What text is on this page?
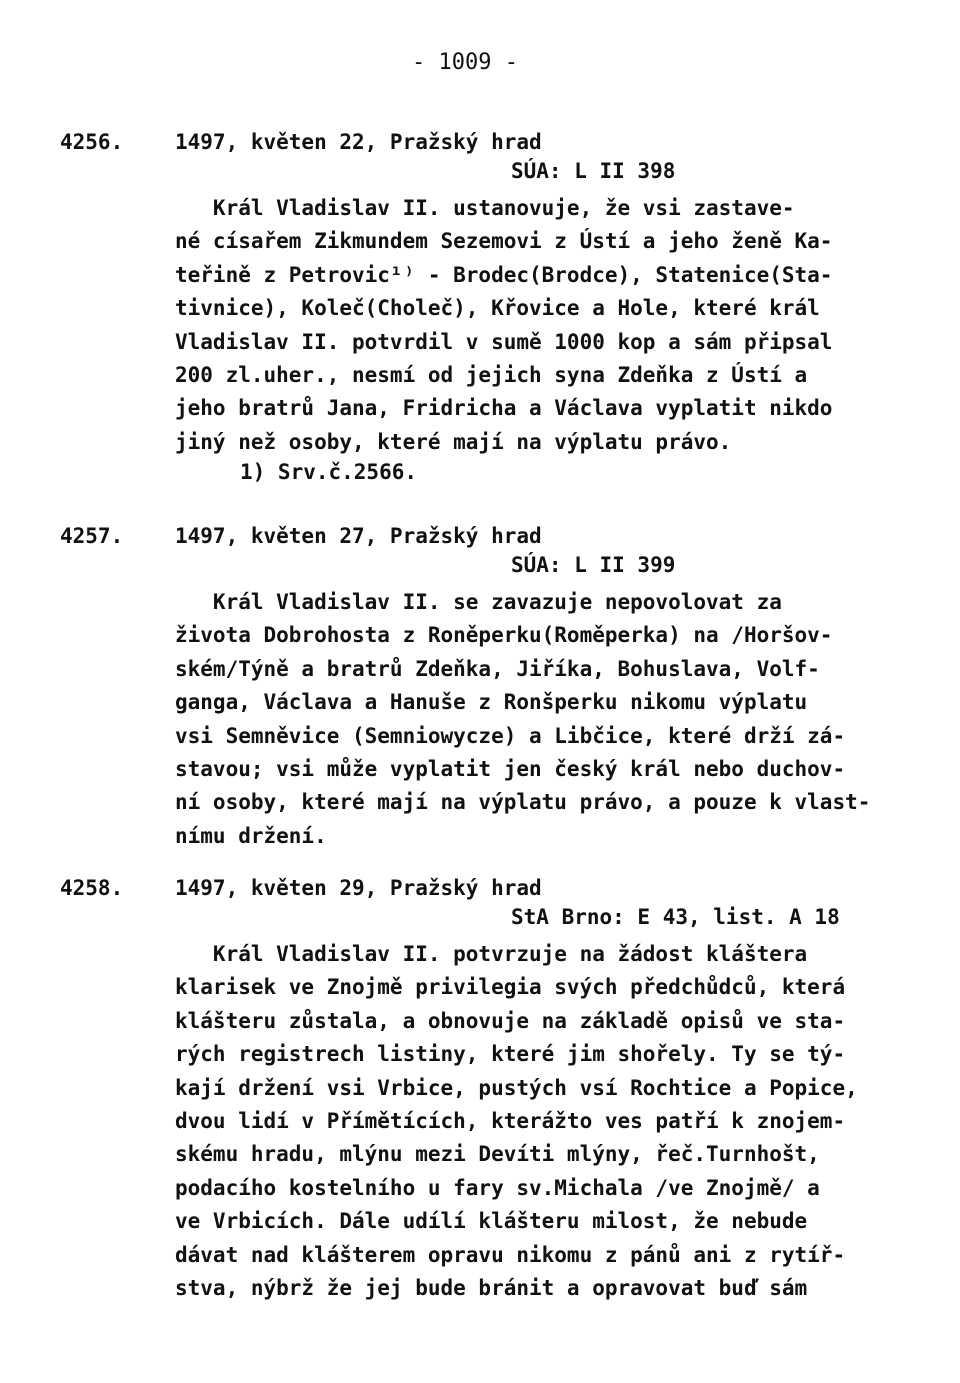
- 1009 -
4256. 1497, květen 22, Pražský hrad
SÚA: L II 398
Král Vladislav II. ustanovuje, že vsi zastave-
né císařem Zikmundem Sezemovi z Ústí a jeho ženě Ka-
teřině z Petrovic¹⁾ - Brodec(Brodce), Statenice(Sta-
tivnice), Koleč(Choleč), Křovice a Hole, které král
Vladislav II. potvrdil v sumě 1000 kop a sám připsal
200 zl.uher., nesmí od jejich syna Zdeňka z Ústí a
jeho bratrů Jana, Fridricha a Václava vyplatit nikdo
jiný než osoby, které mají na výplatu právo.
1) Srv.č.2566.
4257. 1497, květen 27, Pražský hrad
SÚA: L II 399
Král Vladislav II. se zavazuje nepovolovat za
života Dobrohosta z Roněperku(Roměperka) na /Horšov-
ském/Týně a bratrů Zdeňka, Jiříka, Bohuslava, Volf-
ganga, Václava a Hanuše z Ronšperku nikomu výplatu
vsi Semněvice (Semniowycze) a Libčice, které drží zá-
stavou; vsi může vyplatit jen český král nebo duchov-
ní osoby, které mají na výplatu právo, a pouze k vlast-
nímu držení.
4258. 1497, květen 29, Pražský hrad
StA Brno: E 43, list. A 18
Král Vladislav II. potvrzuje na žádost kláštera
klarisek ve Znojmě privilegia svých předchůdců, která
klášteru zůstala, a obnovuje na základě opisů ve sta-
rých registrech listiny, které jim shořely. Ty se tý-
kají držení vsi Vrbice, pustých vsí Rochtice a Popice,
dvou lidí v Přímětících, kterážto ves patří k znojem-
skému hradu, mlýnu mezi Devíti mlýny, řeč.Turnhošt,
podacího kostelního u fary sv.Michala /ve Znojmě/ a
ve Vrbicích. Dále udílí klášteru milost, že nebude
dávat nad klášterem opravu nikomu z pánů ani z rytíř-
stva, nýbrž že jej bude bránit a opravovat buď sám
